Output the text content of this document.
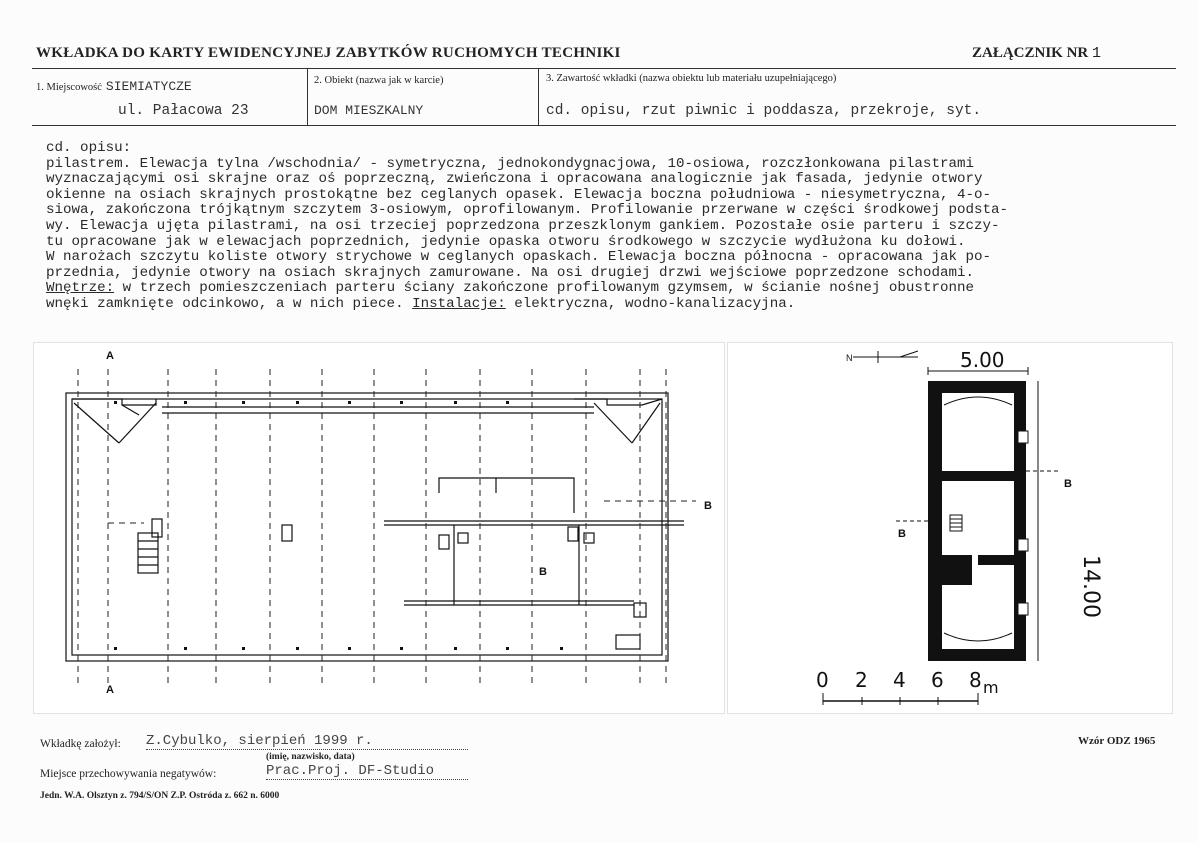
WKŁADKA DO KARTY EWIDENCYJNEJ ZABYTKÓW RUCHOMYCH TECHNIKI	ZAŁĄCZNIK NR 1
1. Miejscowość SIEMIATYCZE
ul. Pałacowa 23
2. Obiekt (nazwa jak w karcie)
DOM MIESZKALNY
3. Zawartość wkładki (nazwa obiektu lub materiału uzupełniającego)
cd. opisu, rzut piwnic i poddasza, przekroje, syt.
cd. opisu:
pilastrem. Elewacja tylna /wschodnia/ - symetryczna, jednokondygnacjowa, 10-osiowa, rozczłonkowana pilastrami
wyznaczającymi osi skrajne oraz oś poprzeczną, zwieńczona i opracowana analogicznie jak fasada, jedynie otwory
okienne na osiach skrajnych prostokątne bez ceglanych opasek. Elewacja boczna południowa - niesymetryczna, 4-o-
siowa, zakończona trójkątnym szczytem 3-osiowym, oprofilowanym. Profilowanie przerwane w części środkowej podsta-
wy. Elewacja ujęta pilastrami, na osi trzeciej poprzedzona przeszklonym gankiem. Pozostałe osie parteru i szczy-
tu opracowane jak w elewacjach poprzednich, jedynie opaska otworu środkowego w szczycie wydłużona ku dołowi.
W narożach szczytu koliste otwory strychowe w ceglanych opaskach. Elewacja boczna północna - opracowana jak po-
przednia, jedynie otwory na osiach skrajnych zamurowane. Na osi drugiej drzwi wejściowe poprzedzone schodami.
Wnętrze: w trzech pomieszczeniach parteru ściany zakończone profilowanym gzymsem, w ścianie nośnej obustronne
wnęki zamknięte odcinkowo, a w nich piece. Instalacje: elektryczna, wodno-kanalizacyjna.
A
A
B
B
N	5.00
B
B
14.00
0 2 4 6 8 m
Wkładkę założył: Z.Cybulko, sierpień 1999 r.
(imię, nazwisko, data)
Miejsce przechowywania negatywów:	Prac.Proj. DF-Studio
Jedn. W.A. Olsztyn z. 794/S/ON Z.P. Ostróda z. 662 n. 6000
Wzór ODZ 1965
